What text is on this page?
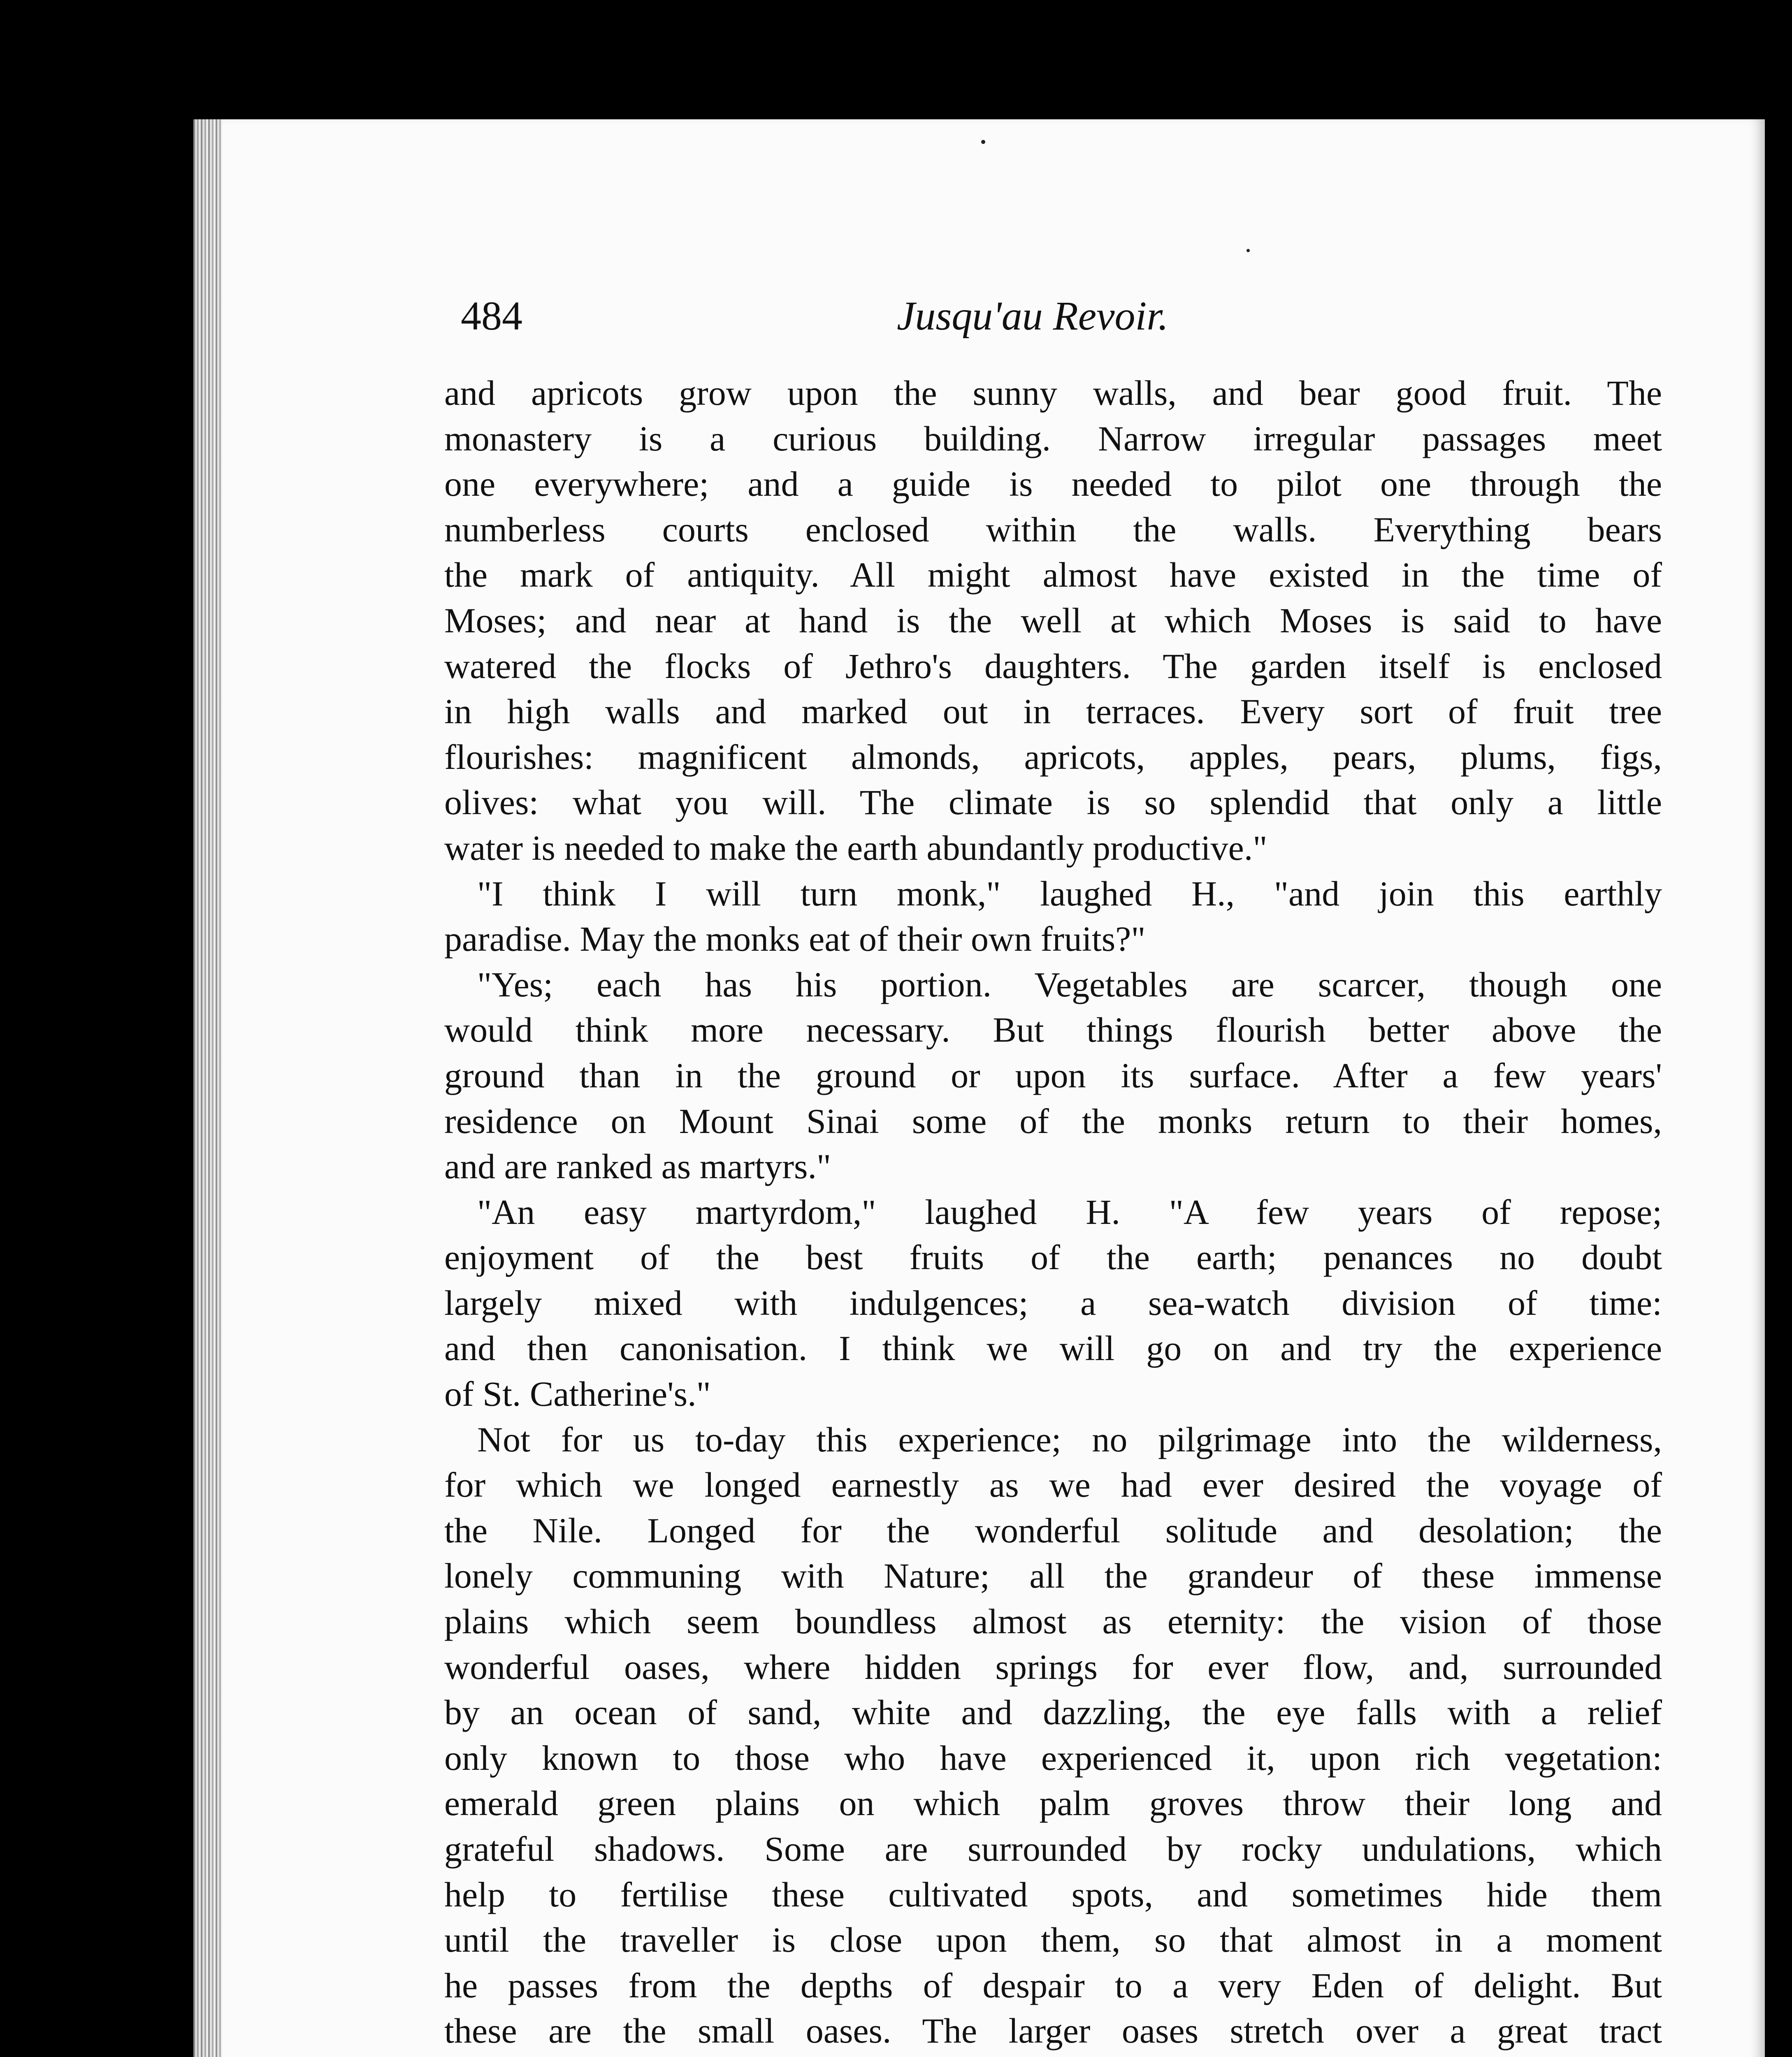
484	Jusqu'au Revoir.
and apricots grow upon the sunny walls, and bear good fruit. The
monastery is a curious building. Narrow irregular passages meet
one everywhere; and a guide is needed to pilot one through the
numberless courts enclosed within the walls. Everything bears
the mark of antiquity. All might almost have existed in the time of
Moses; and near at hand is the well at which Moses is said to have
watered the flocks of Jethro's daughters. The garden itself is enclosed
in high walls and marked out in terraces. Every sort of fruit tree
flourishes: magnificent almonds, apricots, apples, pears, plums, figs,
olives: what you will. The climate is so splendid that only a little
water is needed to make the earth abundantly productive."
"I think I will turn monk," laughed H., "and join this earthly
paradise. May the monks eat of their own fruits?"
"Yes; each has his portion. Vegetables are scarcer, though one
would think more necessary. But things flourish better above the
ground than in the ground or upon its surface. After a few years'
residence on Mount Sinai some of the monks return to their homes,
and are ranked as martyrs."
"An easy martyrdom," laughed H. "A few years of repose;
enjoyment of the best fruits of the earth; penances no doubt
largely mixed with indulgences; a sea-watch division of time:
and then canonisation. I think we will go on and try the experience
of St. Catherine's."
Not for us to-day this experience; no pilgrimage into the wilderness,
for which we longed earnestly as we had ever desired the voyage of
the Nile. Longed for the wonderful solitude and desolation; the
lonely communing with Nature; all the grandeur of these immense
plains which seem boundless almost as eternity: the vision of those
wonderful oases, where hidden springs for ever flow, and, surrounded
by an ocean of sand, white and dazzling, the eye falls with a relief
only known to those who have experienced it, upon rich vegetation:
emerald green plains on which palm groves throw their long and
grateful shadows. Some are surrounded by rocky undulations, which
help to fertilise these cultivated spots, and sometimes hide them
until the traveller is close upon them, so that almost in a moment
he passes from the depths of despair to a very Eden of delight. But
these are the small oases. The larger oases stretch over a great tract
